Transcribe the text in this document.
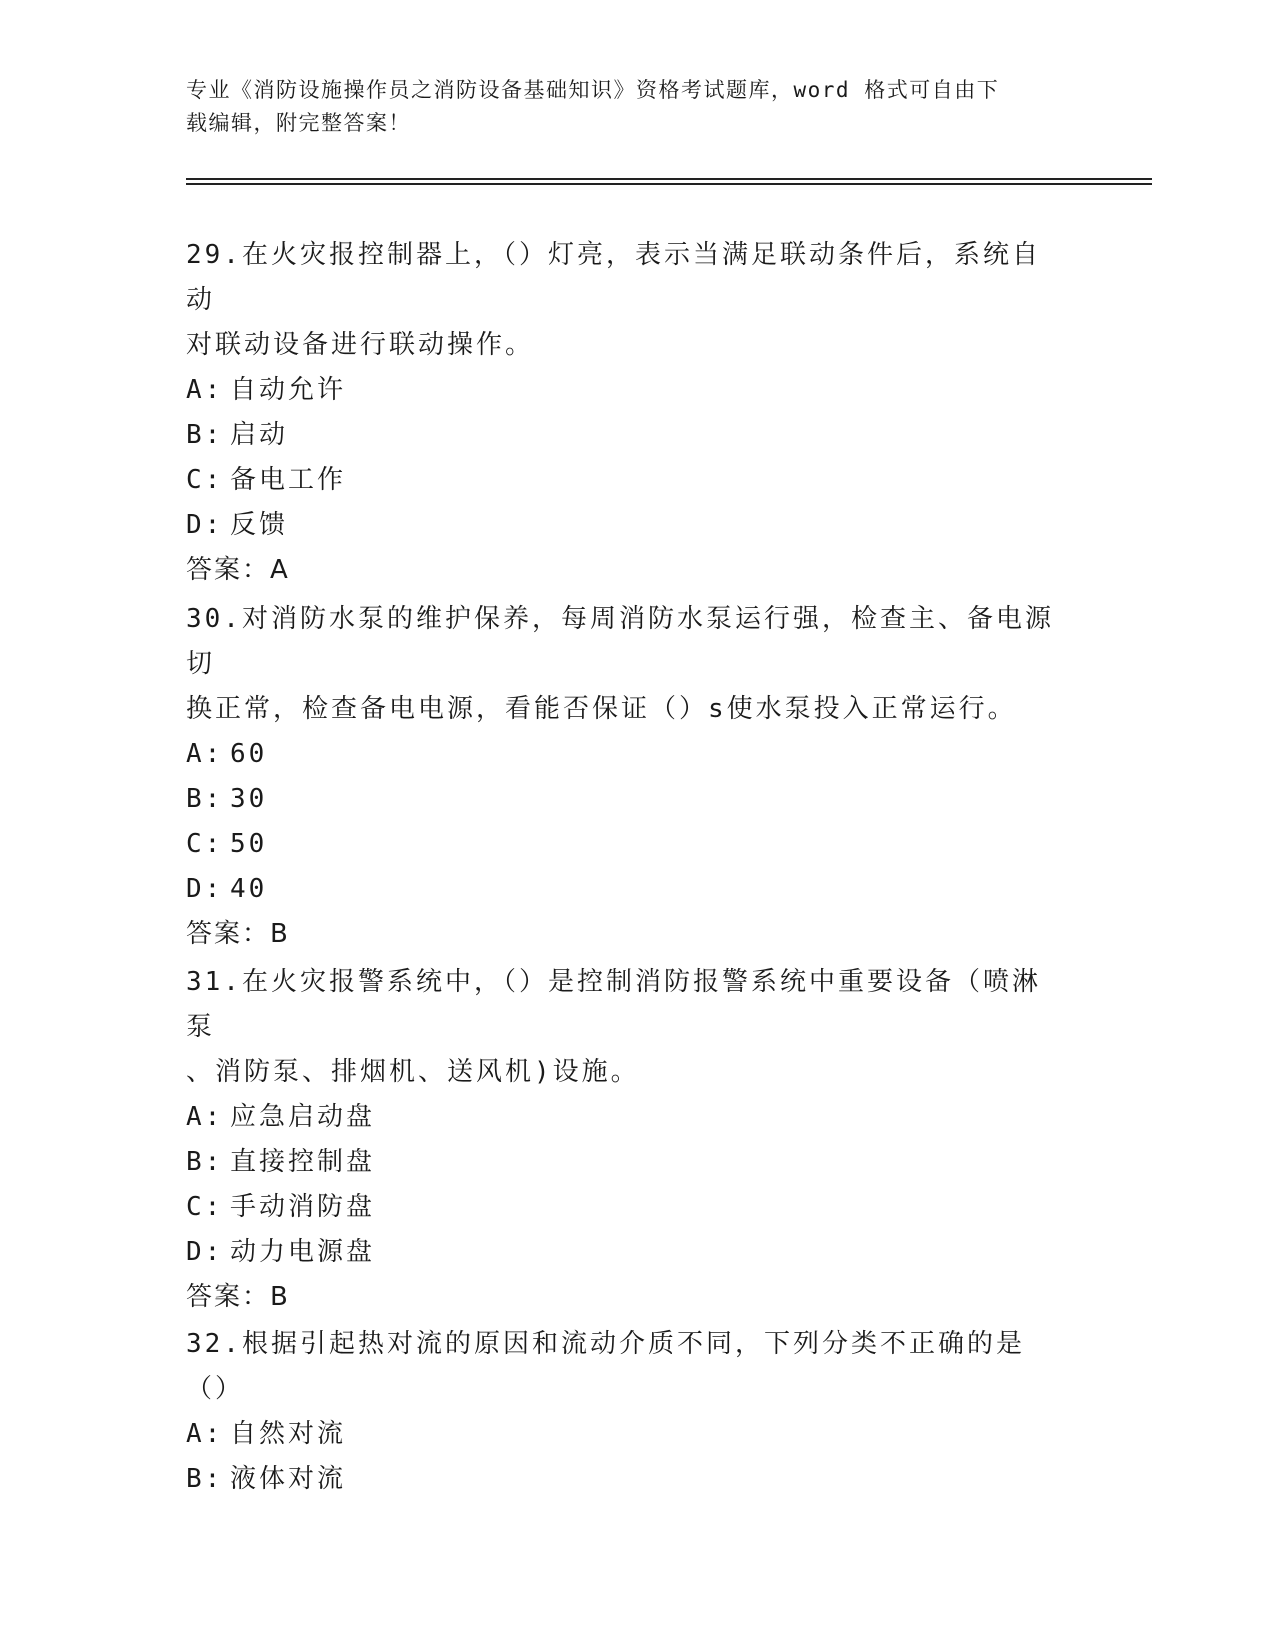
专业《消防设施操作员之消防设备基础知识》资格考试题库，word 格式可自由下
载编辑，附完整答案！

29.在火灾报控制器上，（）灯亮，表示当满足联动条件后，系统自动
对联动设备进行联动操作。

A: 自动允许

B: 启动

C: 备电工作

D: 反馈

答案：A

30.对消防水泵的维护保养，每周消防水泵运行强，检查主、备电源切
换正常，检查备电电源，看能否保证（）s使水泵投入正常运行。

A: 60

B: 30

C: 50

D: 40

答案：B

31.在火灾报警系统中，（）是控制消防报警系统中重要设备（喷淋泵
、消防泵、排烟机、送风机)设施。

A: 应急启动盘

B: 直接控制盘

C: 手动消防盘

D: 动力电源盘

答案：B

32.根据引起热对流的原因和流动介质不同，下列分类不正确的是（）

A: 自然对流

B: 液体对流
